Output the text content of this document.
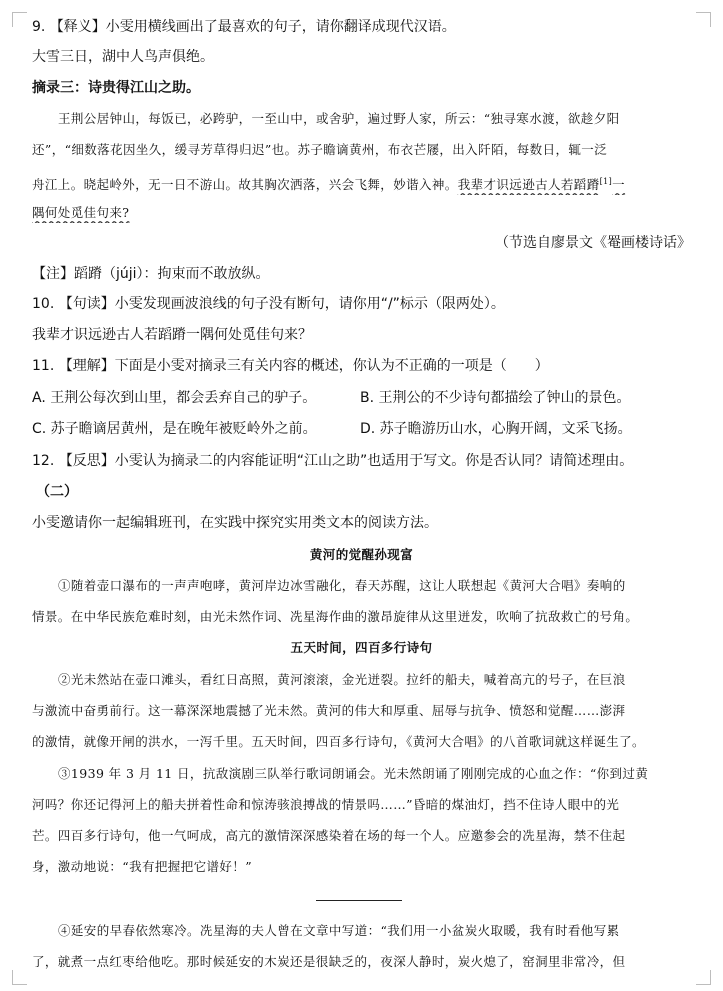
9. 【释义】小雯用横线画出了最喜欢的句子，请你翻译成现代汉语。
大雪三日，湖中人鸟声俱绝。
摘录三：诗贵得江山之助。
王荆公居钟山，每饭已，必跨驴，一至山中，或舍驴，遍过野人家，所云：“独寻寒水渡，欲趁夕阳
还”，“细数落花因坐久，缓寻芳草得归迟”也。苏子瞻谪黄州，布衣芒屦，出入阡陌，每数日，辄一泛
舟江上。晓起岭外，无一日不游山。故其胸次洒落，兴会飞舞，妙谐入神。我辈才识远逊古人若蹈蹐[1]一
隅何处觅佳句来?
（节选自廖景文《罨画楼诗话》
【注】蹈蹐（júji）：拘束而不敢放纵。
10. 【句读】小雯发现画波浪线的句子没有断句，请你用“/”标示（限两处）。
我辈才识远逊古人若蹈蹐一隅何处觅佳句来？
11. 【理解】下面是小雯对摘录三有关内容的概述，你认为不正确的一项是（　　）
A. 王荆公每次到山里，都会丢弃自己的驴子。	B. 王荆公的不少诗句都描绘了钟山的景色。
C. 苏子瞻谪居黄州，是在晚年被贬岭外之前。	D. 苏子瞻游历山水，心胸开阔，文采飞扬。
12. 【反思】小雯认为摘录二的内容能证明“江山之助”也适用于写文。你是否认同？请简述理由。
（二）
小雯邀请你一起编辑班刊，在实践中探究实用类文本的阅读方法。
黄河的觉醒孙现富
①随着壶口瀑布的一声声咆哮，黄河岸边冰雪融化，春天苏醒，这让人联想起《黄河大合唱》奏响的
情景。在中华民族危难时刻，由光未然作词、冼星海作曲的激昂旋律从这里迸发，吹响了抗敌救亡的号角。
五天时间，四百多行诗句
②光未然站在壶口滩头，看红日高照，黄河滚滚，金光迸裂。拉纤的船夫，喊着高亢的号子，在巨浪
与激流中奋勇前行。这一幕深深地震撼了光未然。黄河的伟大和厚重、屈辱与抗争、愤怒和觉醒……澎湃
的激情，就像开闸的洪水，一泻千里。五天时间，四百多行诗句，《黄河大合唱》的八首歌词就这样诞生了。
③1939 年 3 月 11 日，抗敌演剧三队举行歌词朗诵会。光未然朗诵了刚刚完成的心血之作：“你到过黄
河吗？你还记得河上的船夫拼着性命和惊涛骇浪搏战的情景吗……”昏暗的煤油灯，挡不住诗人眼中的光
芒。四百多行诗句，他一气呵成，高亢的激情深深感染着在场的每一个人。应邀参会的冼星海，禁不住起
身，激动地说：“我有把握把它谱好！”
④延安的早春依然寒冷。冼星海的夫人曾在文章中写道：“我们用一小盆炭火取暖，我有时看他写累
了，就煮一点红枣给他吃。那时候延安的木炭还是很缺乏的，夜深人静时，炭火熄了，窑洞里非常冷，但
